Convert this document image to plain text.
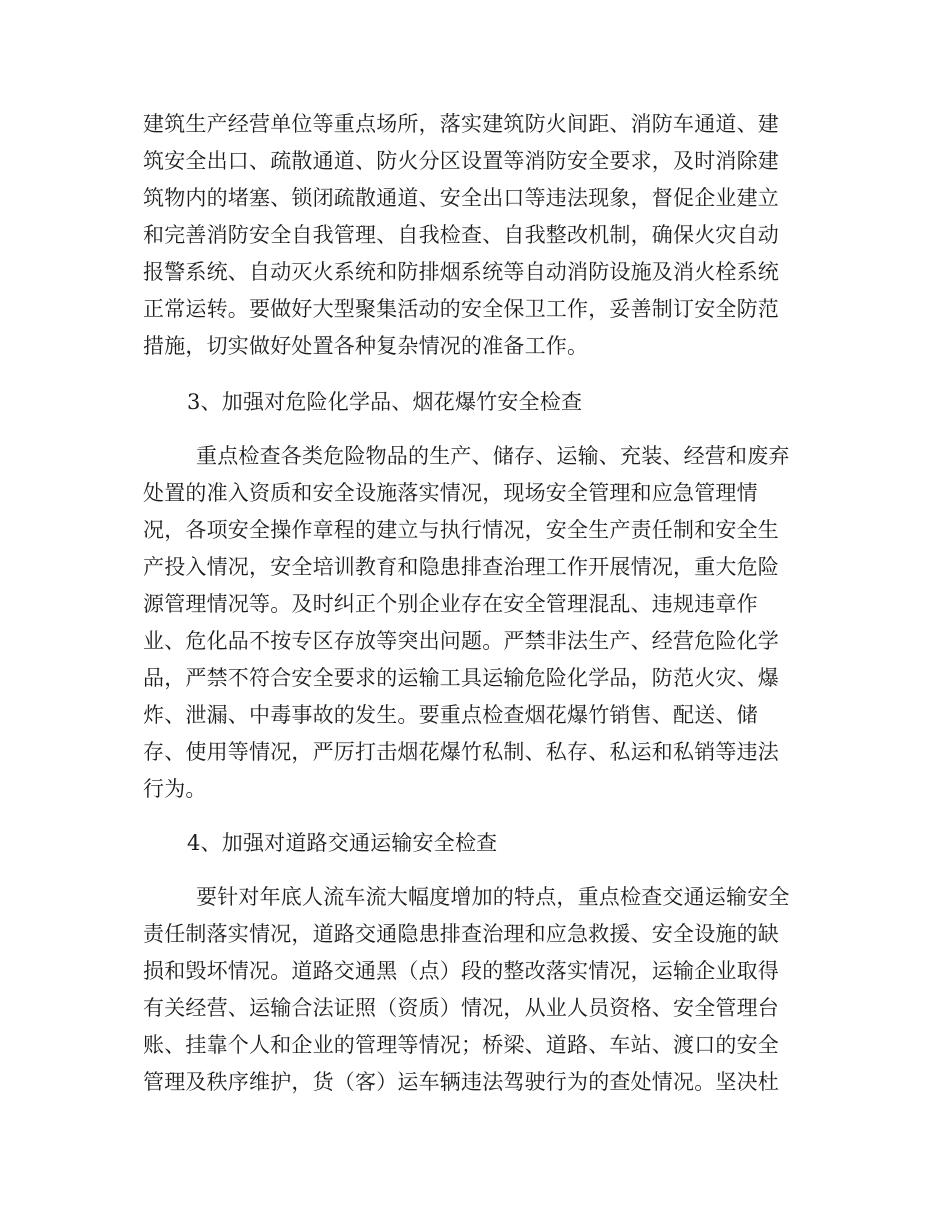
建筑生产经营单位等重点场所，落实建筑防火间距、消防车通道、建
筑安全出口、疏散通道、防火分区设置等消防安全要求，及时消除建
筑物内的堵塞、锁闭疏散通道、安全出口等违法现象，督促企业建立
和完善消防安全自我管理、自我检查、自我整改机制，确保火灾自动
报警系统、自动灭火系统和防排烟系统等自动消防设施及消火栓系统
正常运转。要做好大型聚集活动的安全保卫工作，妥善制订安全防范
措施，切实做好处置各种复杂情况的准备工作。
3、加强对危险化学品、烟花爆竹安全检查
重点检查各类危险物品的生产、储存、运输、充装、经营和废弃
处置的准入资质和安全设施落实情况，现场安全管理和应急管理情
况，各项安全操作章程的建立与执行情况，安全生产责任制和安全生
产投入情况，安全培训教育和隐患排查治理工作开展情况，重大危险
源管理情况等。及时纠正个别企业存在安全管理混乱、违规违章作
业、危化品不按专区存放等突出问题。严禁非法生产、经营危险化学
品，严禁不符合安全要求的运输工具运输危险化学品，防范火灾、爆
炸、泄漏、中毒事故的发生。要重点检查烟花爆竹销售、配送、储
存、使用等情况，严厉打击烟花爆竹私制、私存、私运和私销等违法
行为。
4、加强对道路交通运输安全检查
要针对年底人流车流大幅度增加的特点，重点检查交通运输安全
责任制落实情况，道路交通隐患排查治理和应急救援、安全设施的缺
损和毁坏情况。道路交通黑（点）段的整改落实情况，运输企业取得
有关经营、运输合法证照（资质）情况，从业人员资格、安全管理台
账、挂靠个人和企业的管理等情况；桥梁、道路、车站、渡口的安全
管理及秩序维护，货（客）运车辆违法驾驶行为的查处情况。坚决杜
